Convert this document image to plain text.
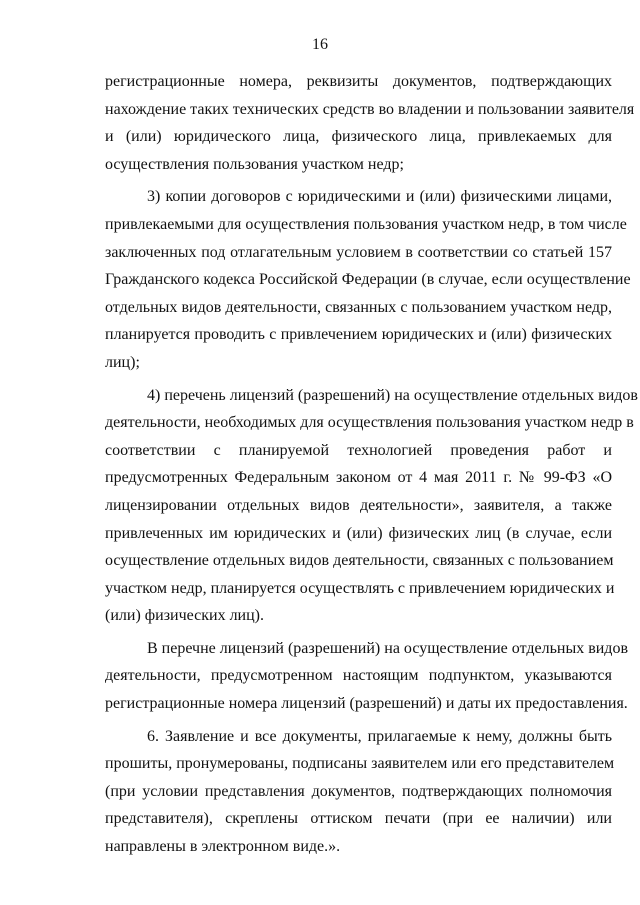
16
регистрационные номера, реквизиты документов, подтверждающих
нахождение таких технических средств во владении и пользовании заявителя
и (или) юридического лица, физического лица, привлекаемых для
осуществления пользования участком недр;
3) копии договоров с юридическими и (или) физическими лицами,
привлекаемыми для осуществления пользования участком недр, в том числе
заключенных под отлагательным условием в соответствии со статьей 157
Гражданского кодекса Российской Федерации (в случае, если осуществление
отдельных видов деятельности, связанных с пользованием участком недр,
планируется проводить с привлечением юридических и (или) физических
лиц);
4) перечень лицензий (разрешений) на осуществление отдельных видов
деятельности, необходимых для осуществления пользования участком недр в
соответствии с планируемой технологией проведения работ и
предусмотренных Федеральным законом от 4 мая 2011 г. № 99-ФЗ «О
лицензировании отдельных видов деятельности», заявителя, а также
привлеченных им юридических и (или) физических лиц (в случае, если
осуществление отдельных видов деятельности, связанных с пользованием
участком недр, планируется осуществлять с привлечением юридических и
(или) физических лиц).
В перечне лицензий (разрешений) на осуществление отдельных видов
деятельности, предусмотренном настоящим подпунктом, указываются
регистрационные номера лицензий (разрешений) и даты их предоставления.
6. Заявление и все документы, прилагаемые к нему, должны быть
прошиты, пронумерованы, подписаны заявителем или его представителем
(при условии представления документов, подтверждающих полномочия
представителя), скреплены оттиском печати (при ее наличии) или
направлены в электронном виде.».
